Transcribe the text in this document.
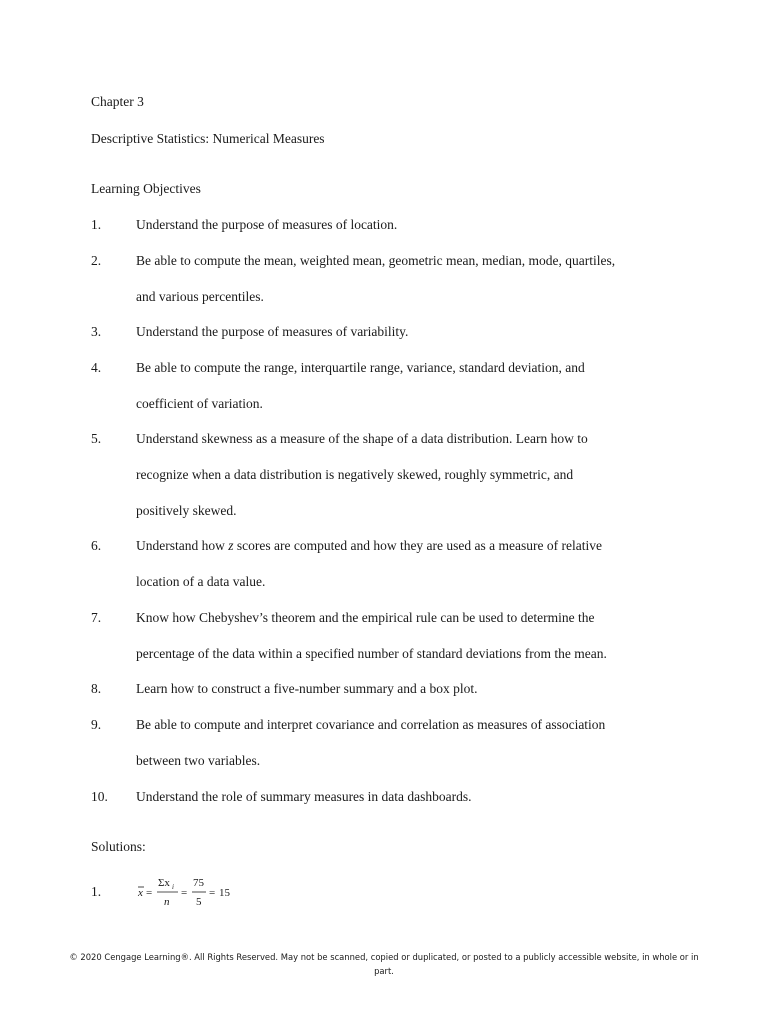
Chapter 3
Descriptive Statistics: Numerical Measures
Learning Objectives
1.	Understand the purpose of measures of location.
2.	Be able to compute the mean, weighted mean, geometric mean, median, mode, quartiles,
and various percentiles.
3.	Understand the purpose of measures of variability.
4.	Be able to compute the range, interquartile range, variance, standard deviation, and
coefficient of variation.
5.	Understand skewness as a measure of the shape of a data distribution. Learn how to
recognize when a data distribution is negatively skewed, roughly symmetric, and
positively skewed.
6.	Understand how z scores are computed and how they are used as a measure of relative
location of a data value.
7.	Know how Chebyshev’s theorem and the empirical rule can be used to determine the
percentage of the data within a specified number of standard deviations from the mean.
8.	Learn how to construct a five-number summary and a box plot.
9.	Be able to compute and interpret covariance and correlation as measures of association
between two variables.
10. Understand the role of summary measures in data dashboards.
Solutions:
1.	x =
Σx i
n
=
75
5
= 15
© 2020 Cengage Learning®. All Rights Reserved. May not be scanned, copied or duplicated, or posted to a publicly accessible website, in whole or in part.
